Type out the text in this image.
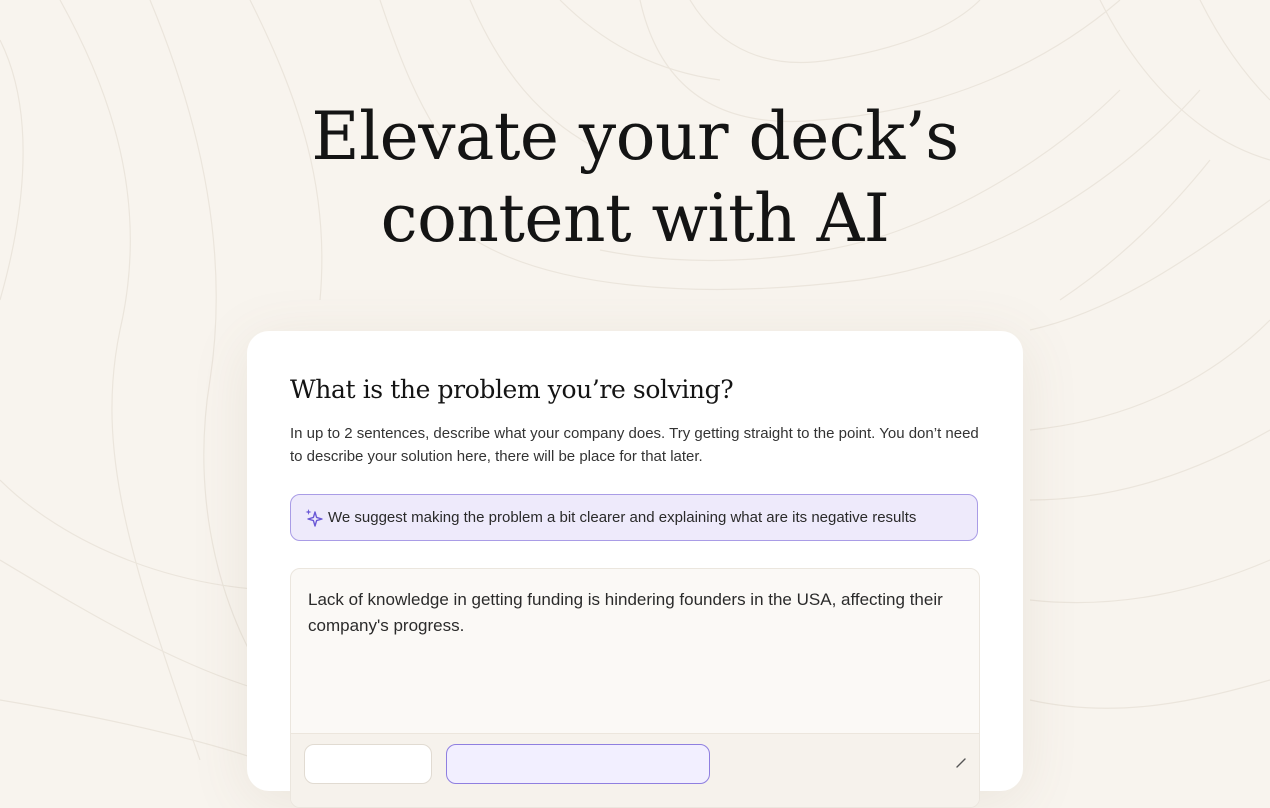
Elevate your deck’s
content with AI
What is the problem you’re solving?

In up to 2 sentences, describe what your company does. Try getting straight to the point. You don’t need to describe your solution here, there will be place for that later.

We suggest making the problem a bit clearer and explaining what are its negative results
Lack of knowledge in getting funding is hindering founders in the USA, affecting their company's progress.
